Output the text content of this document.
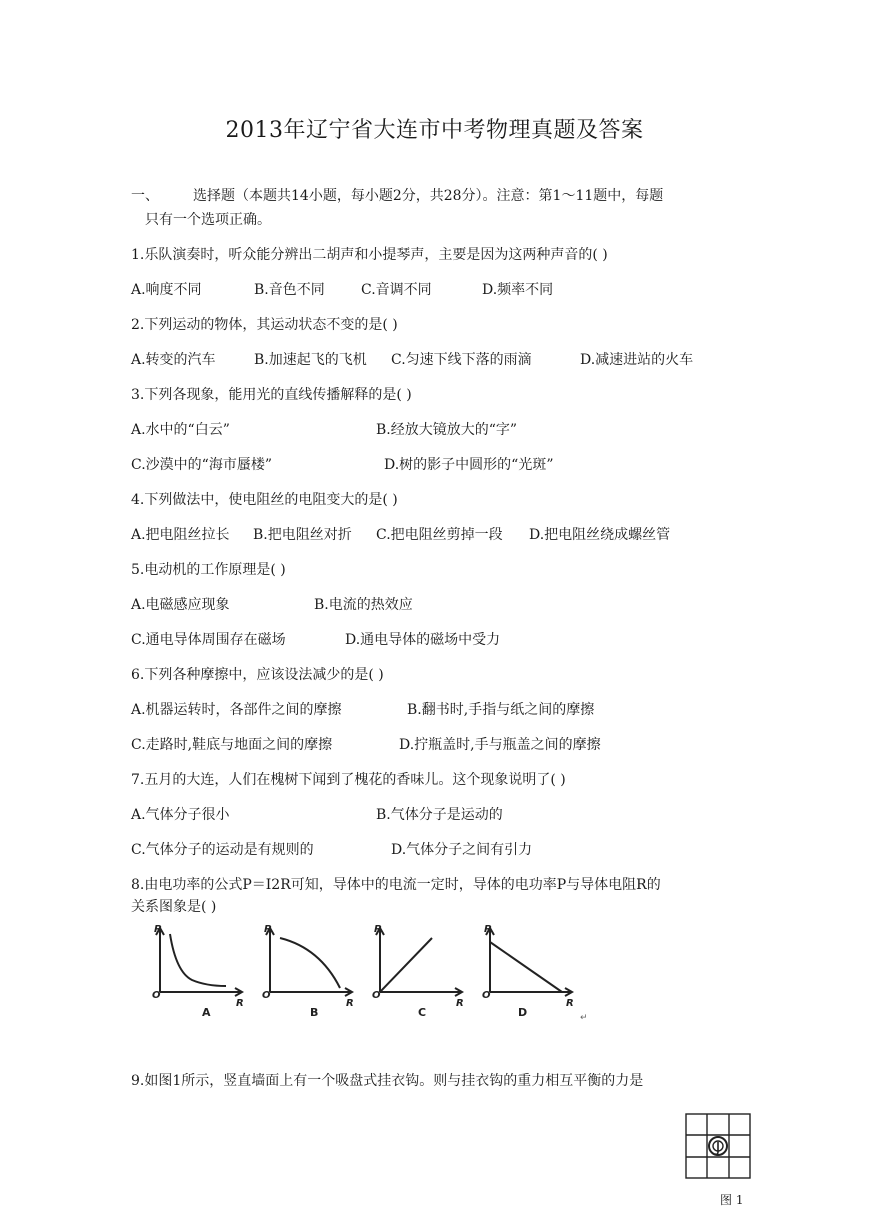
2013年辽宁省大连市中考物理真题及答案
一、 选择题（本题共14小题，每小题2分，共28分）。注意：第1～11题中，每题
只有一个选项正确。
1.乐队演奏时，听众能分辨出二胡声和小提琴声，主要是因为这两种声音的( )
A.响度不同	B.音色不同	C.音调不同	D.频率不同
2.下列运动的物体，其运动状态不变的是( )
A.转变的汽车	B.加速起飞的飞机 C.匀速下线下落的雨滴	D.减速进站的火车
3.下列各现象，能用光的直线传播解释的是( )
A.水中的“白云”	B.经放大镜放大的“字”
C.沙漠中的“海市蜃楼”	D.树的影子中圆形的“光斑”
4.下列做法中，使电阻丝的电阻变大的是( )
A.把电阻丝拉长 B.把电阻丝对折 C.把电阻丝剪掉一段 D.把电阻丝绕成螺丝管
5.电动机的工作原理是( )
A.电磁感应现象	B.电流的热效应
C.通电导体周围存在磁场	D.通电导体的磁场中受力
6.下列各种摩擦中，应该设法减少的是( )
A.机器运转时，各部件之间的摩擦	B.翻书时,手指与纸之间的摩擦
C.走路时,鞋底与地面之间的摩擦	D.拧瓶盖时,手与瓶盖之间的摩擦
7.五月的大连，人们在槐树下闻到了槐花的香味儿。这个现象说明了( )
A.气体分子很小	B.气体分子是运动的
C.气体分子的运动是有规则的	D.气体分子之间有引力
8.由电功率的公式P＝I2R可知，导体中的电流一定时，导体的电功率P与导体电阻R的
关系图象是( )
P
O
R
P
O
R
P
O
R
P
O
R
A	B	C	D	↵
9.如图1所示，竖直墙面上有一个吸盘式挂衣钩。则与挂衣钩的重力相互平衡的力是
图 1
